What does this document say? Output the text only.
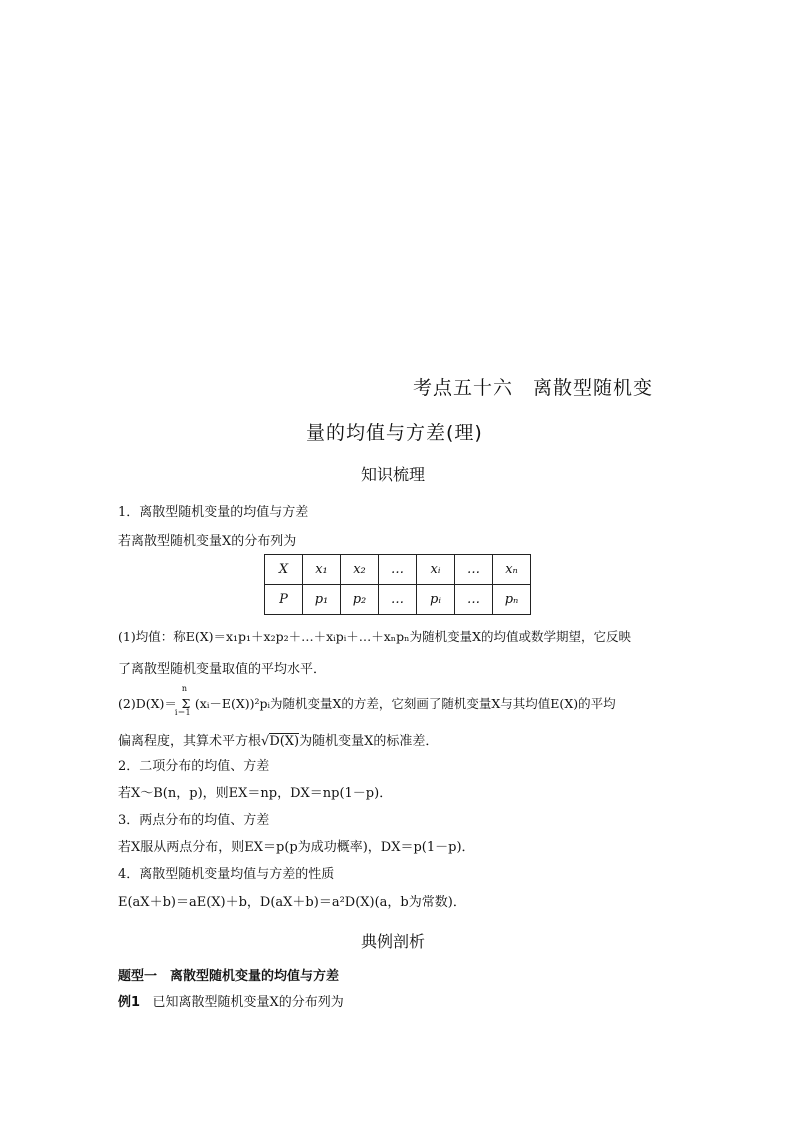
考点五十六　离散型随机变
量的均值与方差(理)
知识梳理
1．离散型随机变量的均值与方差
若离散型随机变量X的分布列为
X	x₁	x₂	…	xᵢ	…	xₙ
P	p₁	p₂	…	pᵢ	…	pₙ
(1)均值：称E(X)＝x₁p₁＋x₂p₂＋…＋xᵢpᵢ＋…＋xₙpₙ为随机变量X的均值或数学期望，它反映
了离散型随机变量取值的平均水平．
(2)D(X)＝
n
Σ
i＝1
(xᵢ－E(X))²pᵢ为随机变量X的方差，它刻画了随机变量X与其均值E(X)的平均
偏离程度，其算术平方根√D(X)为随机变量X的标准差．
2．二项分布的均值、方差
若X～B(n，p)，则EX＝np，DX＝np(1－p)．
3．两点分布的均值、方差
若X服从两点分布，则EX＝p(p为成功概率)，DX＝p(1－p)．
4．离散型随机变量均值与方差的性质
E(aX＋b)＝aE(X)＋b，D(aX＋b)＝a²D(X)(a，b为常数)．
典例剖析
题型一　离散型随机变量的均值与方差
例1 已知离散型随机变量X的分布列为
